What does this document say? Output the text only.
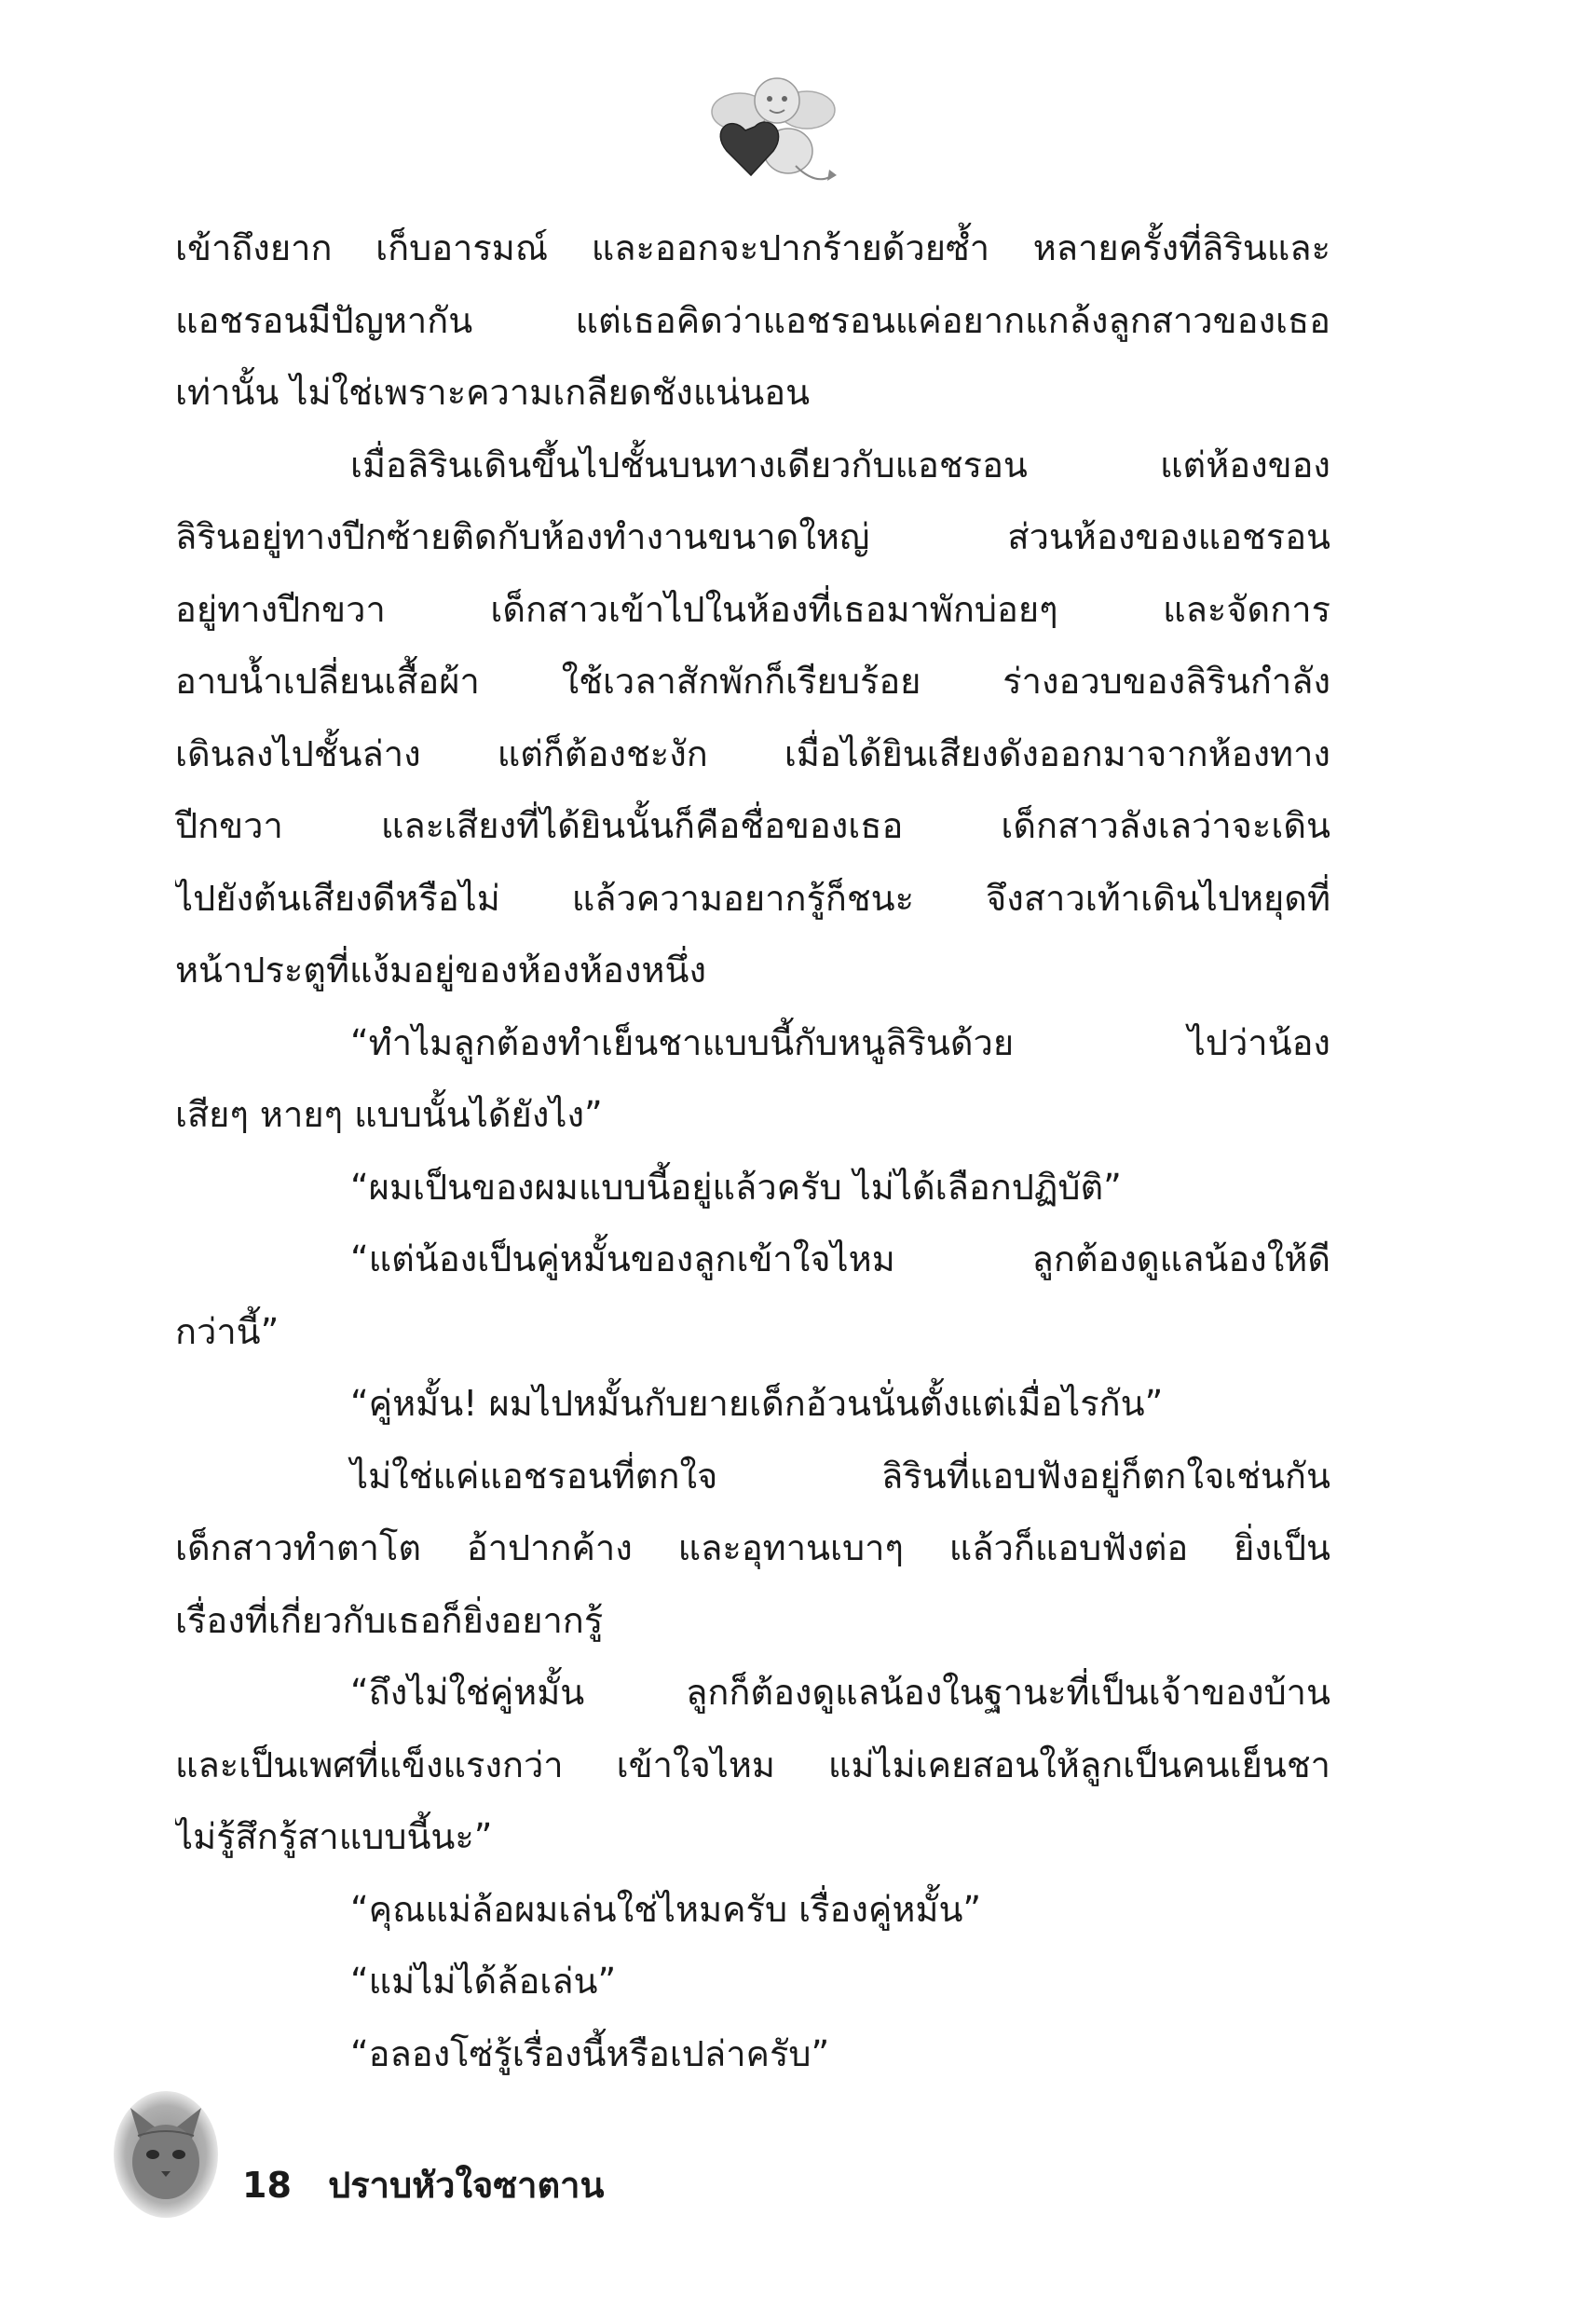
เข้าถึงยาก เก็บอารมณ์ และออกจะปากร้ายด้วยซ้ำ หลายครั้งที่ลิรินและ
แอชรอนมีปัญหากัน แต่เธอคิดว่าแอชรอนแค่อยากแกล้งลูกสาวของเธอ
เท่านั้น ไม่ใช่เพราะความเกลียดชังแน่นอน
เมื่อลิรินเดินขึ้นไปชั้นบนทางเดียวกับแอชรอน แต่ห้องของ
ลิรินอยู่ทางปีกซ้ายติดกับห้องทำงานขนาดใหญ่ ส่วนห้องของแอชรอน
อยู่ทางปีกขวา เด็กสาวเข้าไปในห้องที่เธอมาพักบ่อยๆ และจัดการ
อาบน้ำเปลี่ยนเสื้อผ้า ใช้เวลาสักพักก็เรียบร้อย ร่างอวบของลิรินกำลัง
เดินลงไปชั้นล่าง แต่ก็ต้องชะงัก เมื่อได้ยินเสียงดังออกมาจากห้องทาง
ปีกขวา และเสียงที่ได้ยินนั้นก็คือชื่อของเธอ เด็กสาวลังเลว่าจะเดิน
ไปยังต้นเสียงดีหรือไม่ แล้วความอยากรู้ก็ชนะ จึงสาวเท้าเดินไปหยุดที่
หน้าประตูที่แง้มอยู่ของห้องห้องหนึ่ง
“ทำไมลูกต้องทำเย็นชาแบบนี้กับหนูลิรินด้วย ไปว่าน้อง
เสียๆ หายๆ แบบนั้นได้ยังไง”
“ผมเป็นของผมแบบนี้อยู่แล้วครับ ไม่ได้เลือกปฏิบัติ”
“แต่น้องเป็นคู่หมั้นของลูกเข้าใจไหม ลูกต้องดูแลน้องให้ดี
กว่านี้”
“คู่หมั้น! ผมไปหมั้นกับยายเด็กอ้วนนั่นตั้งแต่เมื่อไรกัน”
ไม่ใช่แค่แอชรอนที่ตกใจ ลิรินที่แอบฟังอยู่ก็ตกใจเช่นกัน
เด็กสาวทำตาโต อ้าปากค้าง และอุทานเบาๆ แล้วก็แอบฟังต่อ ยิ่งเป็น
เรื่องที่เกี่ยวกับเธอก็ยิ่งอยากรู้
“ถึงไม่ใช่คู่หมั้น ลูกก็ต้องดูแลน้องในฐานะที่เป็นเจ้าของบ้าน
และเป็นเพศที่แข็งแรงกว่า เข้าใจไหม แม่ไม่เคยสอนให้ลูกเป็นคนเย็นชา
ไม่รู้สึกรู้สาแบบนี้นะ”
“คุณแม่ล้อผมเล่นใช่ไหมครับ เรื่องคู่หมั้น”
“แม่ไม่ได้ล้อเล่น”
“อลองโซ่รู้เรื่องนี้หรือเปล่าครับ”
18 ปราบหัวใจซาตาน
